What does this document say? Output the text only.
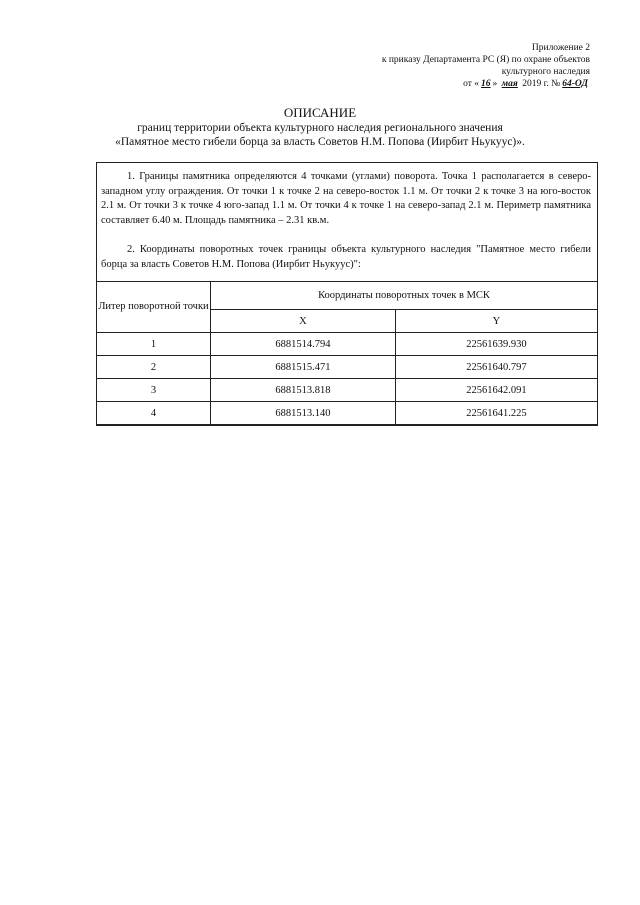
Приложение 2
к приказу Департамента РС (Я) по охране объектов
культурного наследия
от « 16 » мая 2019 г. № 64-ОД
ОПИСАНИЕ
границ территории объекта культурного наследия регионального значения
«Памятное место гибели борца за власть Советов Н.М. Попова (Иирбит Ньукуус)».
1. Границы памятника определяются 4 точками (углами) поворота. Точка 1 располагается в северо-западном углу ограждения. От точки 1 к точке 2 на северо-восток 1.1 м. От точки 2 к точке 3 на юго-восток 2.1 м. От точки 3 к точке 4 юго-запад 1.1 м. От точки 4 к точке 1 на северо-запад 2.1 м. Периметр памятника составляет 6.40 м. Площадь памятника – 2.31 кв.м.
2. Координаты поворотных точек границы объекта культурного наследия "Памятное место гибели борца за власть Советов Н.М. Попова (Иирбит Ньукуус)":
Литер поворотной точки	Координаты поворотных точек в МСК	
	X	Y
1	6881514.794	22561639.930
2	6881515.471	22561640.797
3	6881513.818	22561642.091
4	6881513.140	22561641.225
